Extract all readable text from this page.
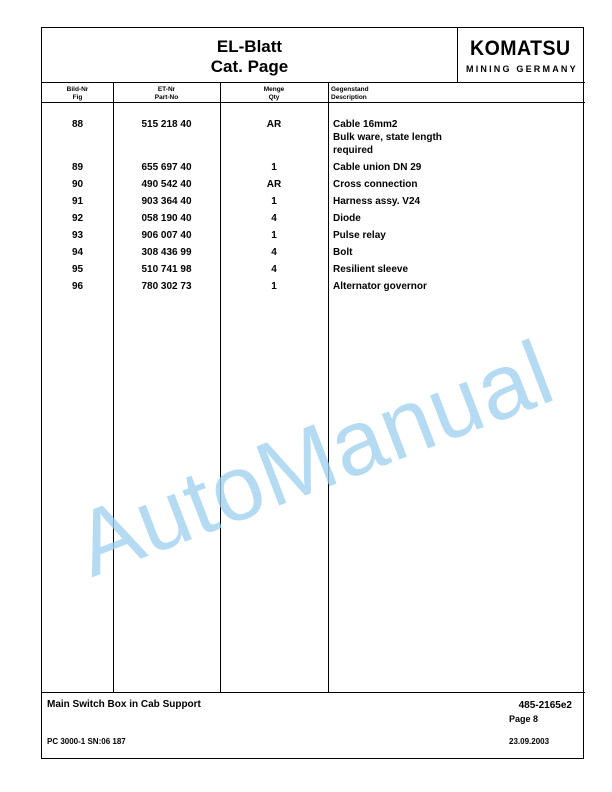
EL-Blatt
Cat. Page
KOMATSU
MINING GERMANY
Bild-Nr
Fig
ET-Nr
Part-No
Menge
Qty
Gegenstand
Description
88	515 218 40	AR	Cable 16mm2
Bulk ware, state length
required
89	655 697 40	1	Cable union DN 29
90	490 542 40	AR	Cross connection
91	903 364 40	1	Harness assy. V24
92	058 190 40	4	Diode
93	906 007 40	1	Pulse relay
94	308 436 99	4	Bolt
95	510 741 98	4	Resilient sleeve
96	780 302 73	1	Alternator governor
Main Switch Box in Cab Support	485-2165e2
Page 8
PC 3000-1 SN:06 187	23.09.2003
AutoManual
